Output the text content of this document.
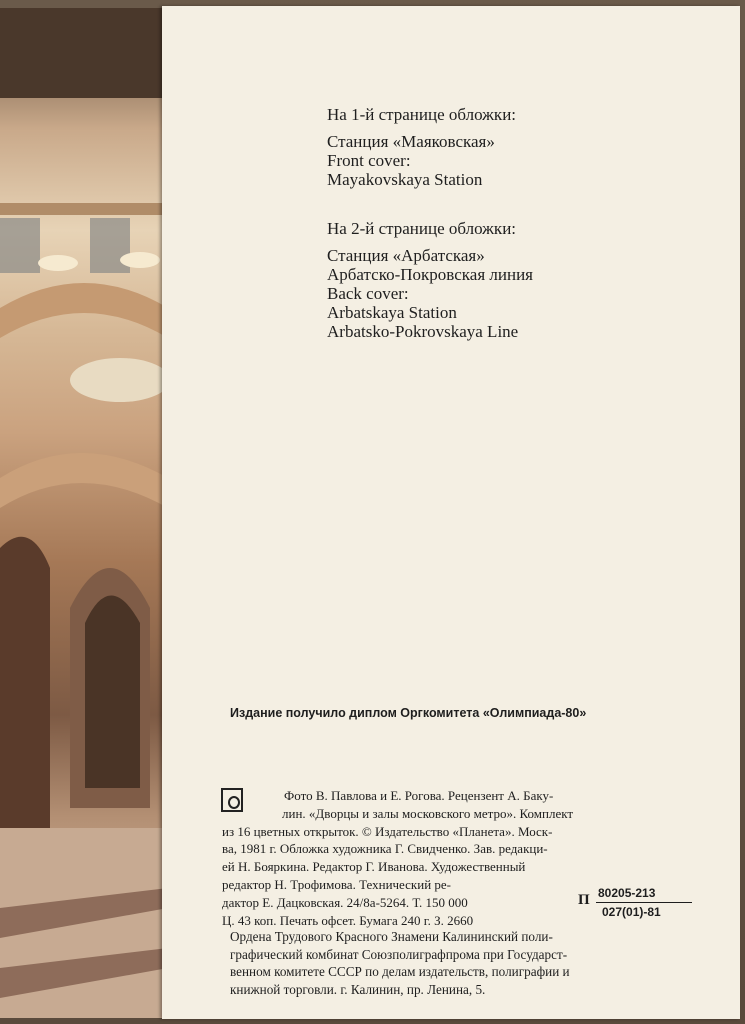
На 1-й странице обложки:
Станция «Маяковская»
Front cover:
Mayakovskaya Station
На 2-й странице обложки:
Станция «Арбатская»
Арбатско-Покровская линия
Back cover:
Arbatskaya Station
Arbatsko-Pokrovskaya Line
Издание получило диплом Оргкомитета «Олимпиада-80»
Фото В. Павлова и Е. Рогова. Рецензент А. Баку-
лин. «Дворцы и залы московского метро». Комплект
из 16 цветных открыток. © Издательство «Планета». Моск-
ва, 1981 г. Обложка художника Г. Свидченко. Зав. редакци-
ей Н. Бояркина. Редактор Г. Иванова. Художественный
редактор Н. Трофимова. Технический ре-
дактор Е. Дацковская. 24/8а-5264. Т. 150 000
Ц. 43 коп. Печать офсет. Бумага 240 г. З. 2660
П 80205-213
027(01)-81
Ордена Трудового Красного Знамени Калининский поли-
графический комбинат Союзполиграфпрома при Государст-
венном комитете СССР по делам издательств, полиграфии и
книжной торговли. г. Калинин, пр. Ленина, 5.
